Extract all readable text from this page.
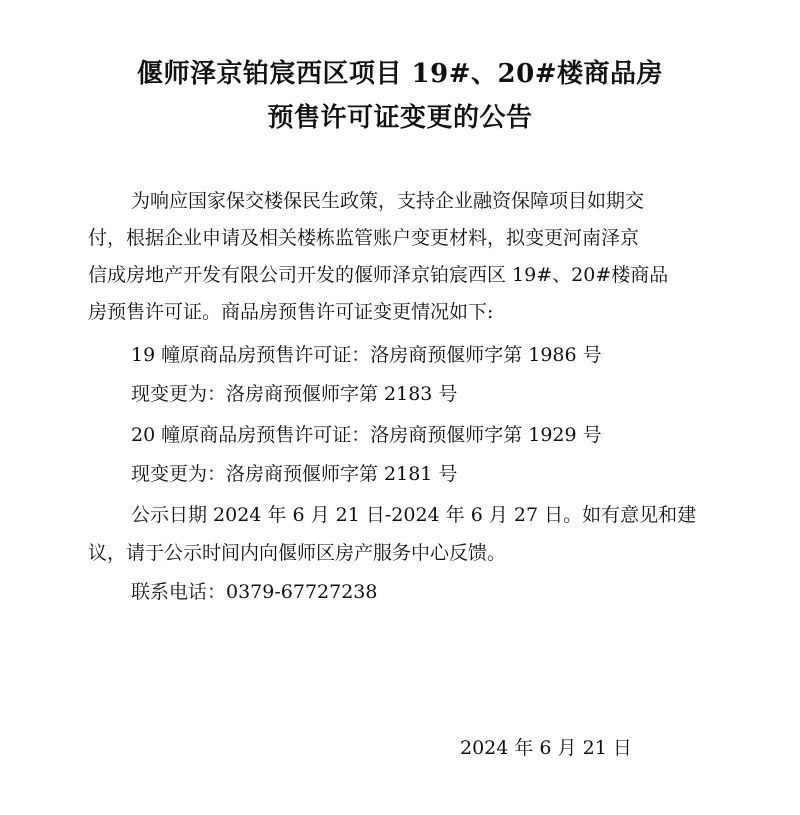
偃师泽京铂宸西区项目 19#、20#楼商品房
预售许可证变更的公告
为响应国家保交楼保民生政策，支持企业融资保障项目如期交
付，根据企业申请及相关楼栋监管账户变更材料，拟变更河南泽京
信成房地产开发有限公司开发的偃师泽京铂宸西区 19#、20#楼商品
房预售许可证。商品房预售许可证变更情况如下:
19 幢原商品房预售许可证：洛房商预偃师字第 1986 号
现变更为：洛房商预偃师字第 2183 号
20 幢原商品房预售许可证：洛房商预偃师字第 1929 号
现变更为：洛房商预偃师字第 2181 号
公示日期 2024 年 6 月 21 日-2024 年 6 月 27 日。如有意见和建
议，请于公示时间内向偃师区房产服务中心反馈。
联系电话：0379-67727238
2024 年 6 月 21 日
